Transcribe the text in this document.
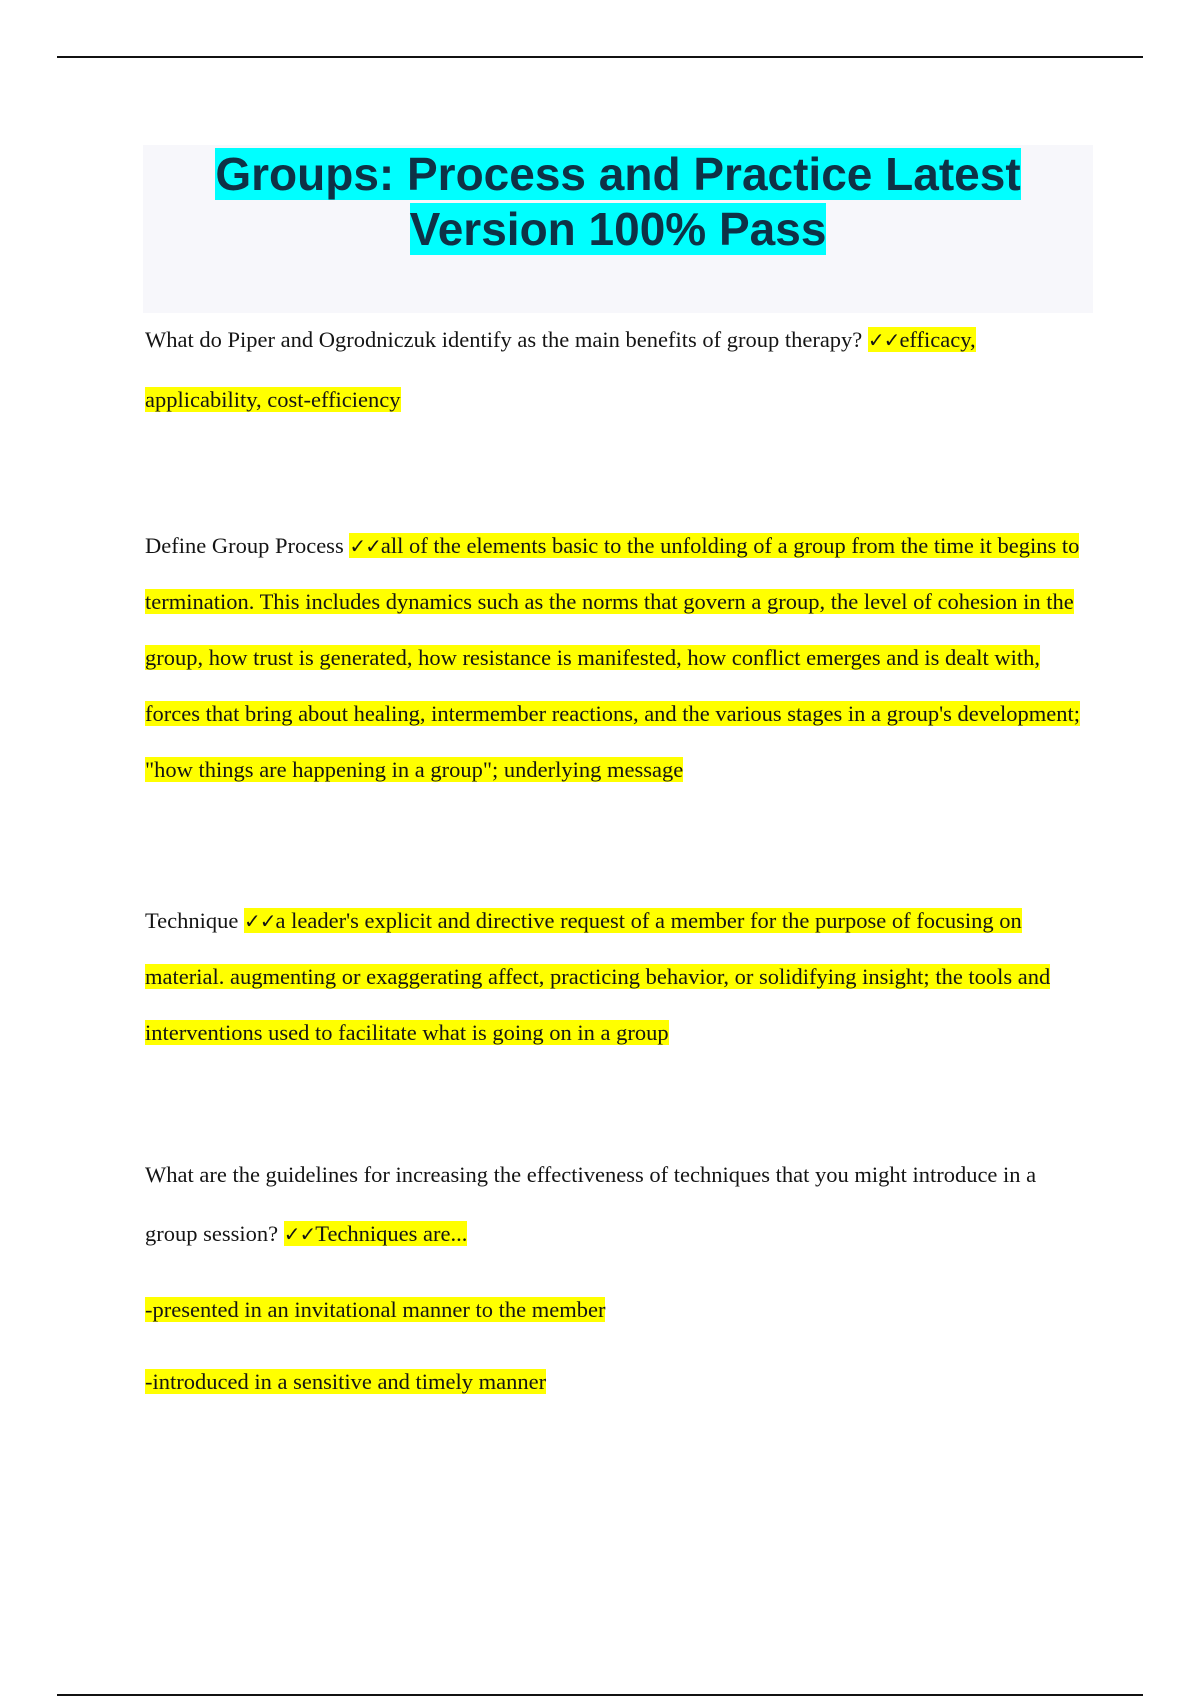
Groups: Process and Practice Latest Version 100% Pass

What do Piper and Ogrodniczuk identify as the main benefits of group therapy? ✓✓efficacy, applicability, cost-efficiency

Define Group Process ✓✓all of the elements basic to the unfolding of a group from the time it begins to termination. This includes dynamics such as the norms that govern a group, the level of cohesion in the group, how trust is generated, how resistance is manifested, how conflict emerges and is dealt with, forces that bring about healing, intermember reactions, and the various stages in a group's development; "how things are happening in a group"; underlying message

Technique ✓✓a leader's explicit and directive request of a member for the purpose of focusing on material. augmenting or exaggerating affect, practicing behavior, or solidifying insight; the tools and interventions used to facilitate what is going on in a group

What are the guidelines for increasing the effectiveness of techniques that you might introduce in a group session? ✓✓Techniques are...

-presented in an invitational manner to the member
-introduced in a sensitive and timely manner
